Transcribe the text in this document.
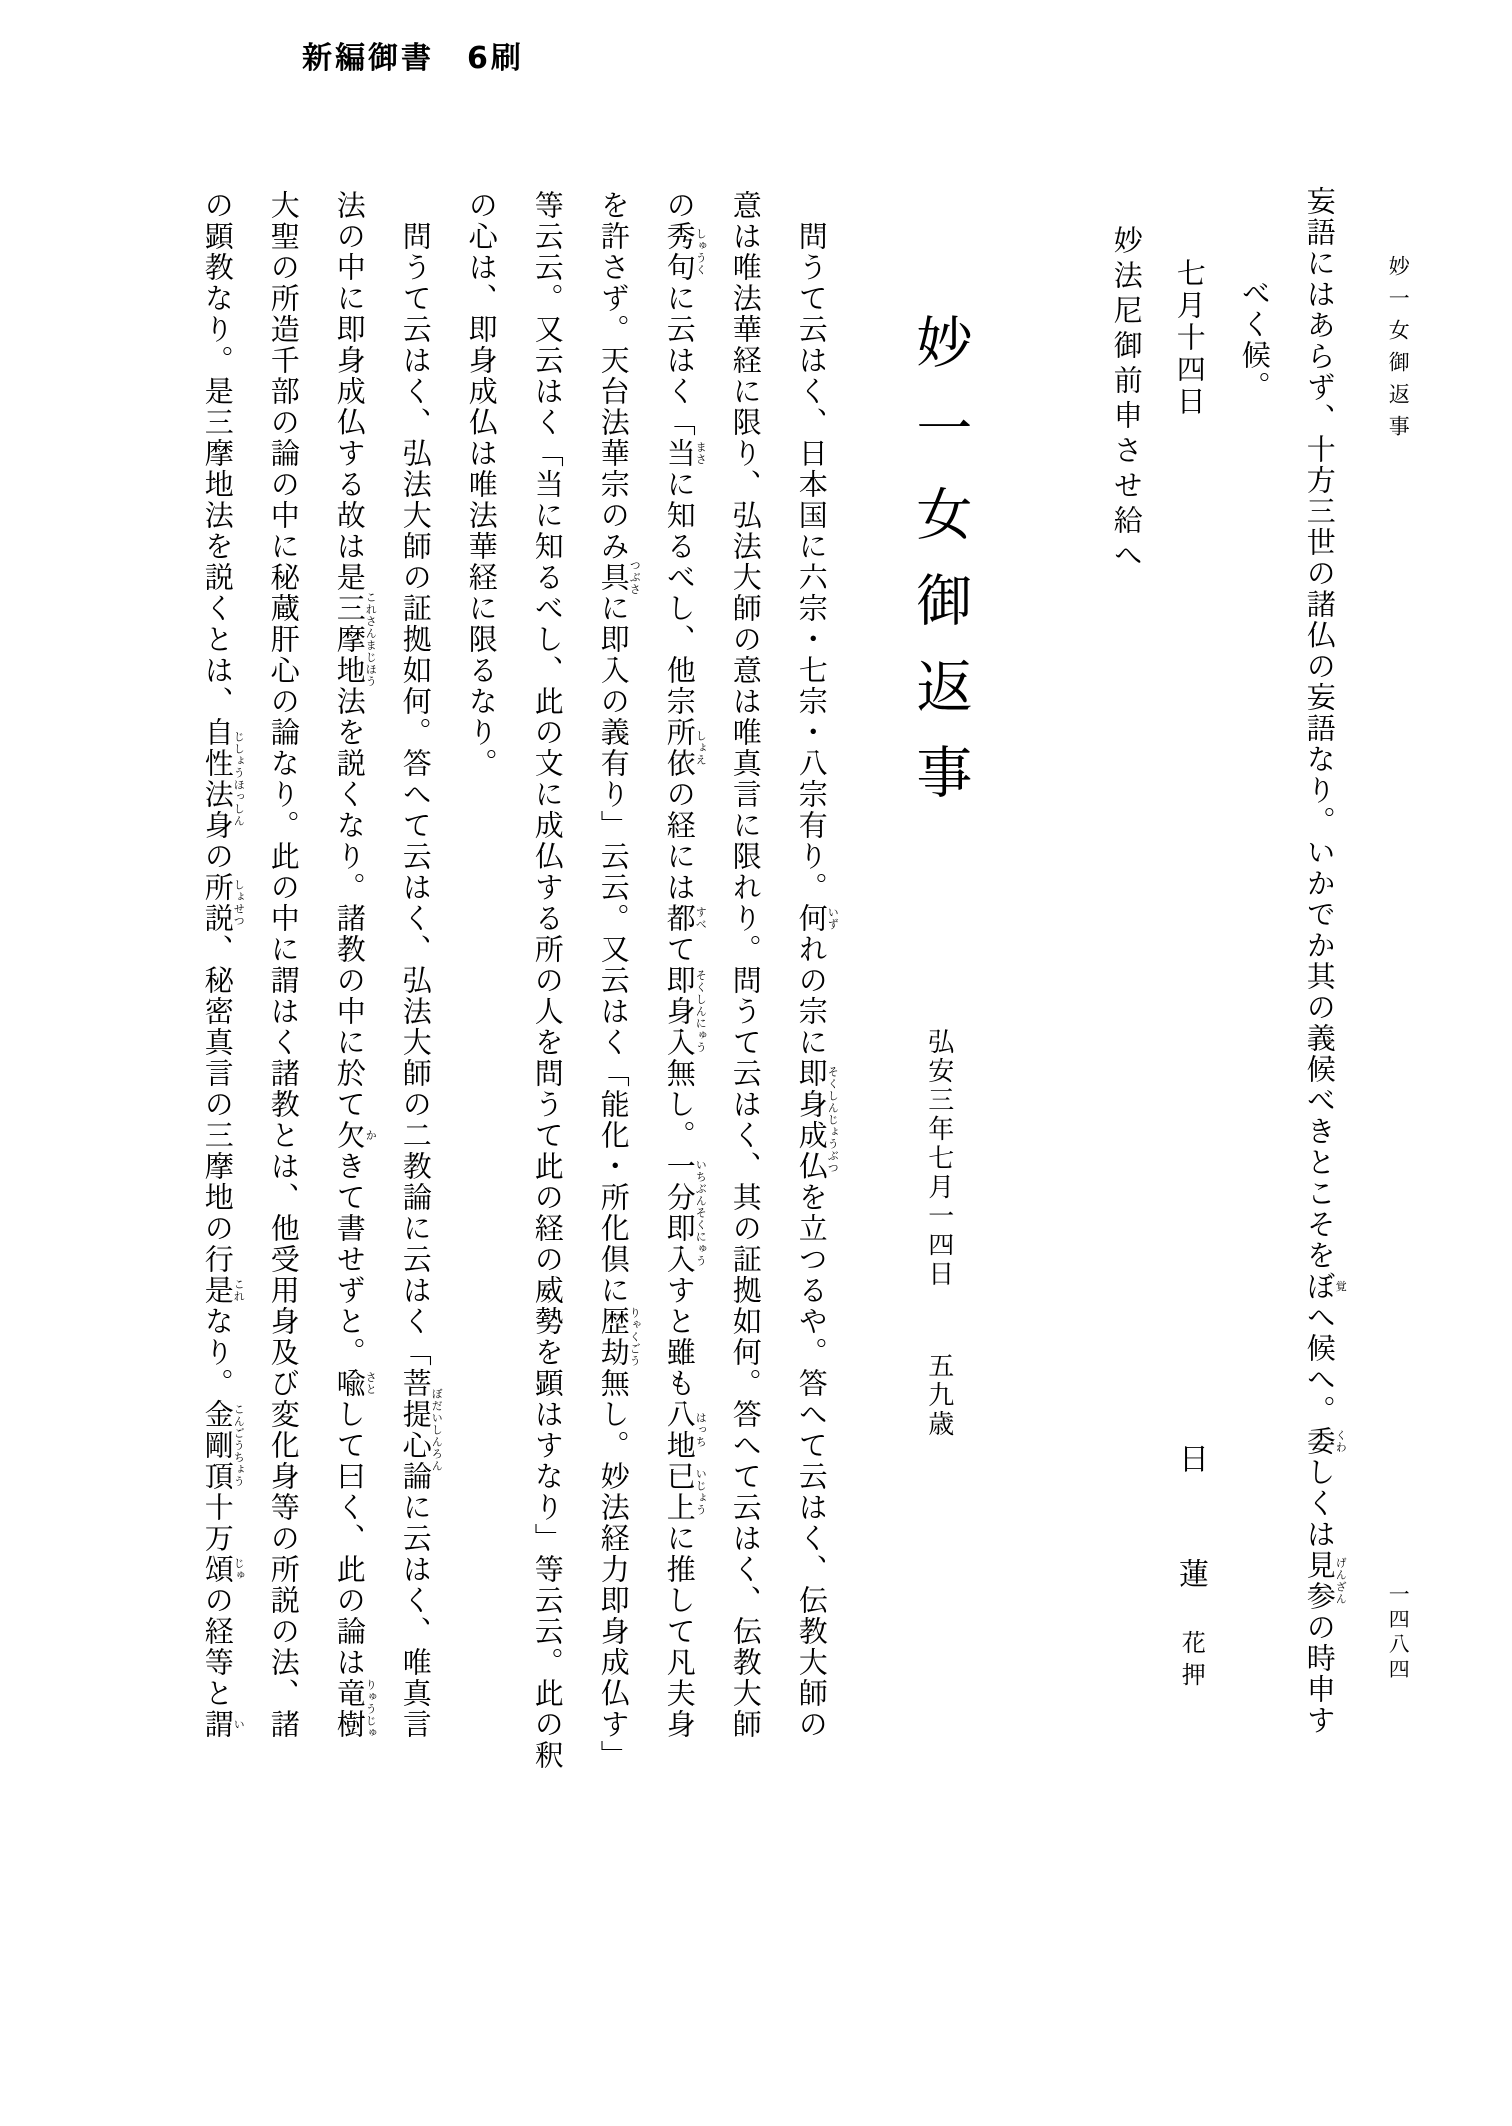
新編御書　6刷
妙一女御返事
一四八四
妄語にはあらず、十方三世の諸仏の妄語なり。いかでか其の義候べきとこそをぼ覚へ候へ。委くわしくは見参げんざんの時申す
べく候。
七月十四日
日
蓮
花押
妙法尼御前申させ給へ
妙一女御返事
弘安三年七月一四日
五九歳
問うて云はく、日本国に六宗・七宗・八宗有り。何いずれの宗に即身成仏そくしんじょうぶつを立つるや。答へて云はく、伝教大師の
意は唯法華経に限り、弘法大師の意は唯真言に限れり。問うて云はく、其の証拠如何。答へて云はく、伝教大師
の秀句しゅうくに云はく「当まさに知るべし、他宗所依しょえの経には都すべて即身入そくしんにゅう無し。一分即入いちぶんそくにゅうすと雖も八地はっち已上いじょうに推して凡夫身
を許さず。天台法華宗のみ具つぶさに即入の義有り」云云。又云はく「能化・所化倶に歴劫りゃくごう無し。妙法経力即身成仏す」
等云云。又云はく「当に知るべし、此の文に成仏する所の人を問うて此の経の威勢を顕はすなり」等云云。此の釈
の心は、即身成仏は唯法華経に限るなり。
問うて云はく、弘法大師の証拠如何。答へて云はく、弘法大師の二教論に云はく「菩提心論ぼだいしんろんに云はく、唯真言
法の中に即身成仏する故は是三摩地法これさんまじほうを説くなり。諸教の中に於て欠かきて書せずと。喩さとして曰く、此の論は竜樹りゅうじゅ
大聖の所造千部の論の中に秘蔵肝心の論なり。此の中に謂はく諸教とは、他受用身及び変化身等の所説の法、諸
の顕教なり。是三摩地法を説くとは、自性法身じしょうほっしんの所説しょせつ、秘密真言の三摩地の行是これなり。金剛頂こんごうちょう十万頌じゅの経等と謂い
